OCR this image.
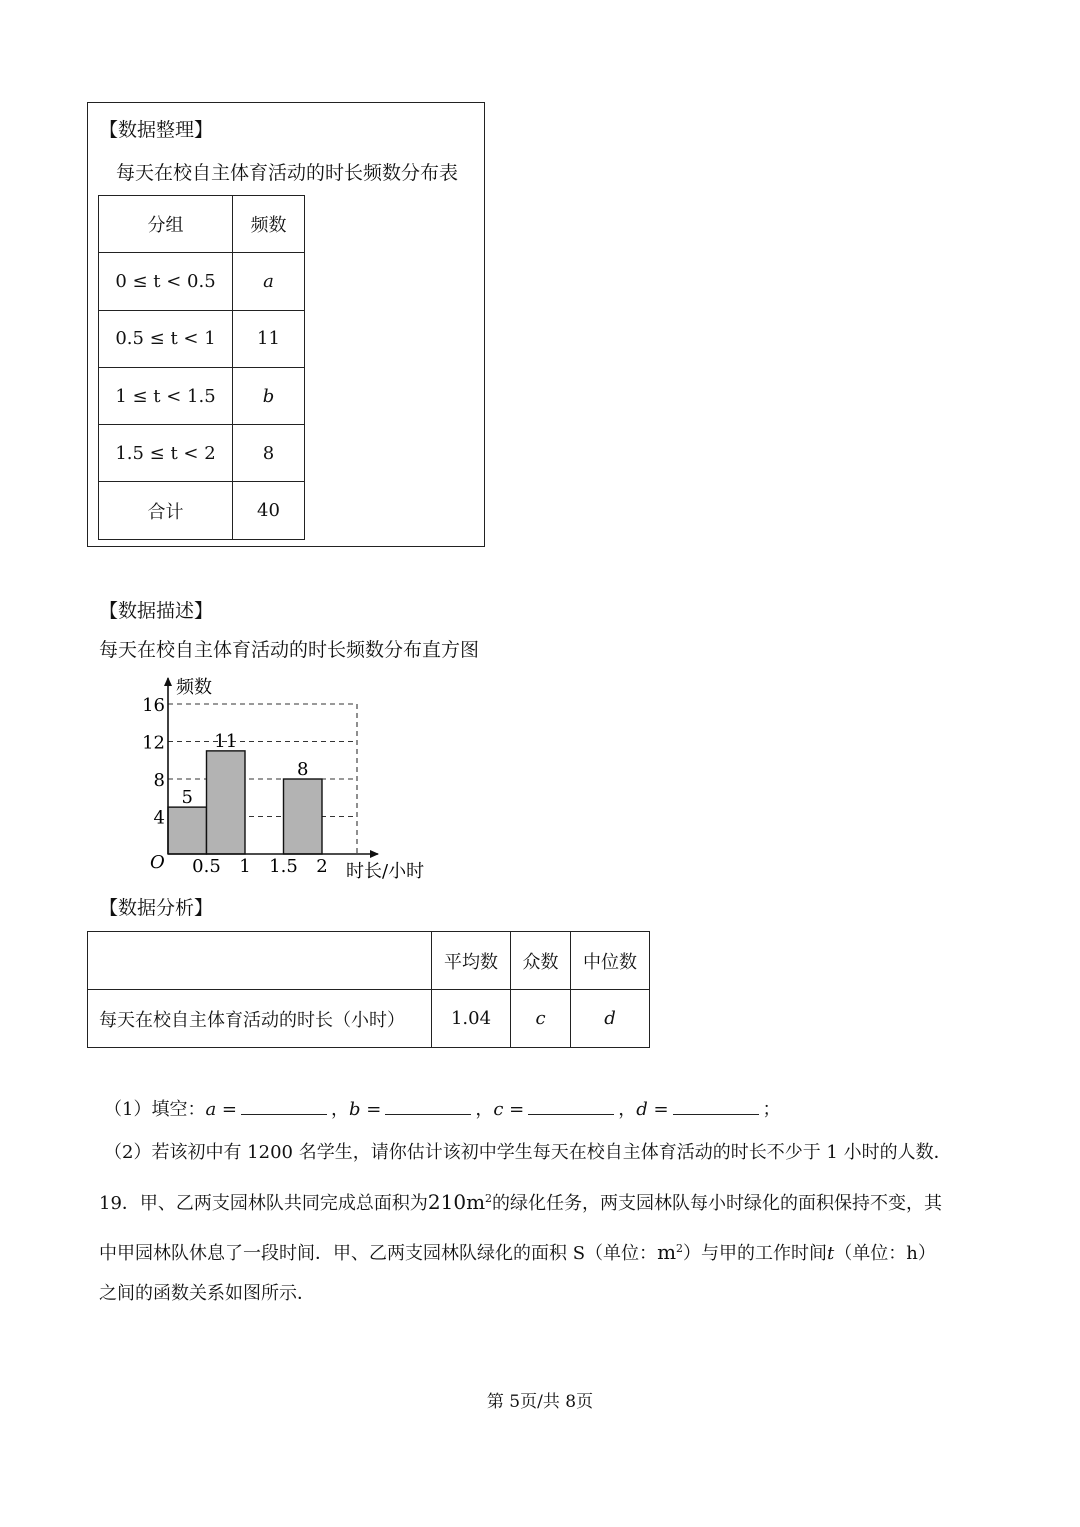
【数据整理】
每天在校自主体育活动的时长频数分布表
分组	频数
0 ≤ t < 0.5	a
0.5 ≤ t < 1	11
1 ≤ t < 1.5	b
1.5 ≤ t < 2	8
合计	40
【数据描述】
每天在校自主体育活动的时长频数分布直方图
5
11
8
4
8
12
16
0.5 1 1.5 2
频数
时长/小时
O
【数据分析】
	平均数	众数	中位数
每天在校自主体育活动的时长（小时）	1.04	c	d
（1）填空：a =	，b =	，c =	，d =	；
（2）若该初中有 1200 名学生，请你估计该初中学生每天在校自主体育活动的时长不少于 1 小时的人数．
19．甲、乙两支园林队共同完成总面积为$210m^2$的绿化任务，两支园林队每小时绿化的面积保持不变，其
中甲园林队休息了一段时间．甲、乙两支园林队绿化的面积 S（单位：$m^2$）与甲的工作时间t（单位：h）
之间的函数关系如图所示．
第 5页/共 8页
